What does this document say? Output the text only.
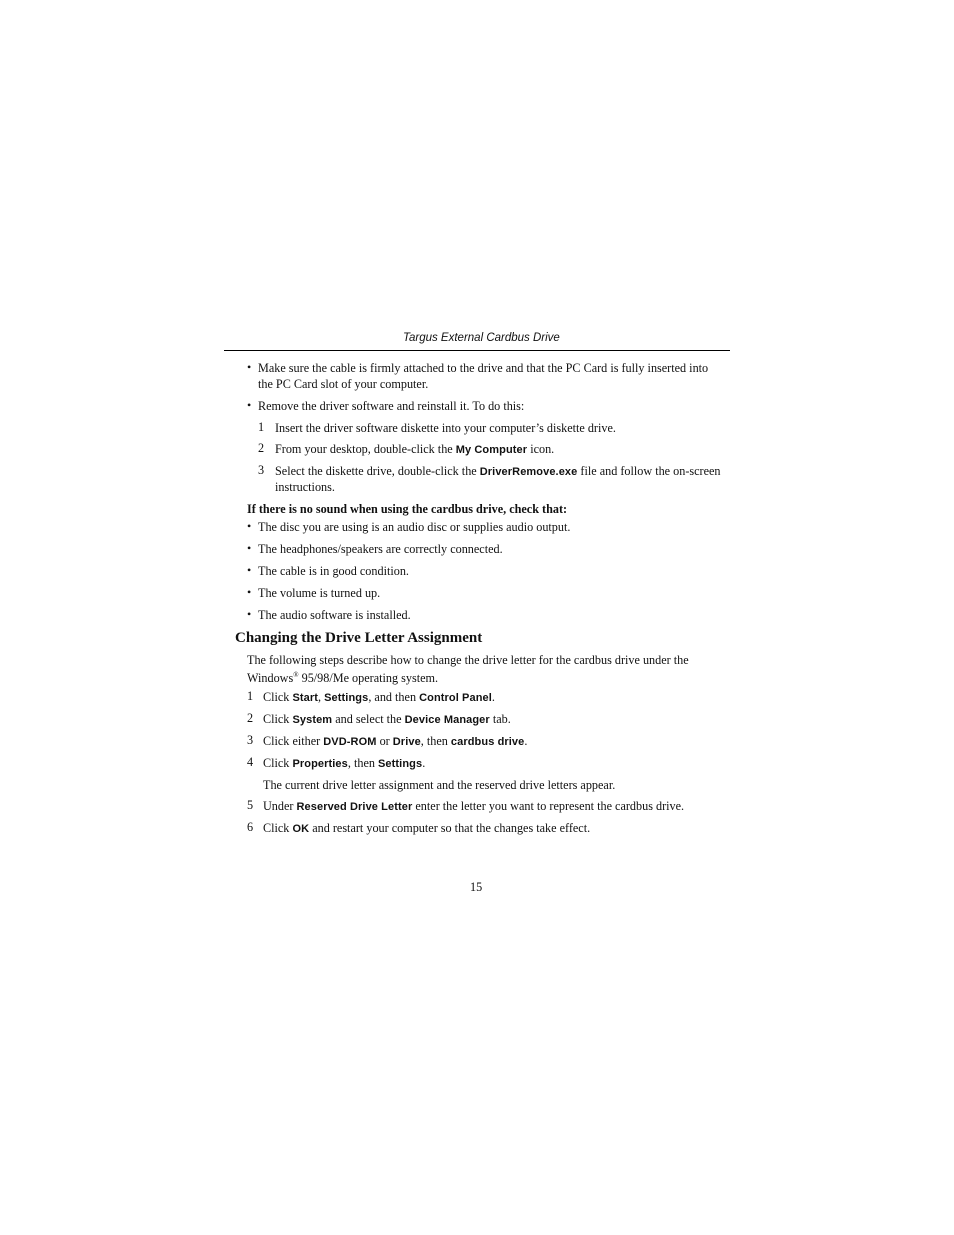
Targus External Cardbus Drive
• Make sure the cable is firmly attached to the drive and that the PC Card is fully inserted into
the PC Card slot of your computer.
• Remove the driver software and reinstall it. To do this:
1 Insert the driver software diskette into your computer’s diskette drive.
2 From your desktop, double-click the My Computer icon.
3 Select the diskette drive, double-click the DriverRemove.exe file and follow the on-screen
instructions.
If there is no sound when using the cardbus drive, check that:
• The disc you are using is an audio disc or supplies audio output.
• The headphones/speakers are correctly connected.
• The cable is in good condition.
• The volume is turned up.
• The audio software is installed.
Changing the Drive Letter Assignment
The following steps describe how to change the drive letter for the cardbus drive under the
Windows® 95/98/Me operating system.
1 Click Start, Settings, and then Control Panel.
2 Click System and select the Device Manager tab.
3 Click either DVD-ROM or Drive, then cardbus drive.
4 Click Properties, then Settings.
The current drive letter assignment and the reserved drive letters appear.
5 Under Reserved Drive Letter enter the letter you want to represent the cardbus drive.
6 Click OK and restart your computer so that the changes take effect.
15
